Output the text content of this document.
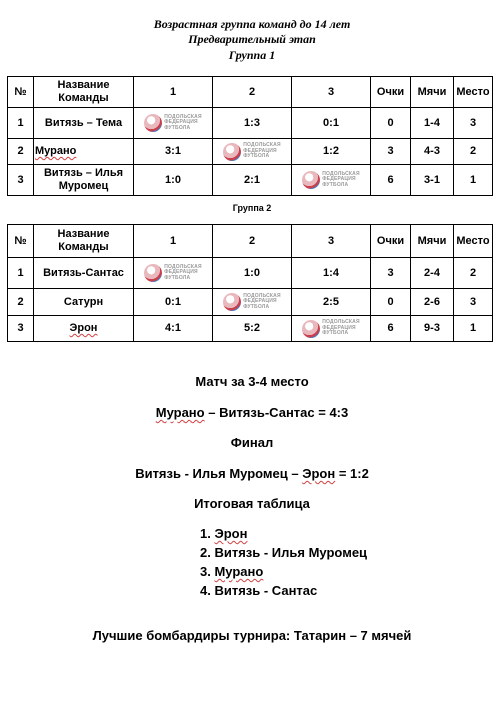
Возрастная группа команд до 14 лет
Предварительный этап
Группа 1
№	Название Команды	1	2	3	Очки	Мячи	Место
1	Витязь – Тема	ПОДОЛЬСКАЯ
ФЕДЕРАЦИЯ
ФУТБОЛА	1:3	0:1	0	1-4	3
2	Мурано	3:1	ПОДОЛЬСКАЯ
ФЕДЕРАЦИЯ
ФУТБОЛА	1:2	3	4-3	2
3	Витязь – Илья Муромец	1:0	2:1	ПОДОЛЬСКАЯ
ФЕДЕРАЦИЯ
ФУТБОЛА	6	3-1	1
Группа 2
№	Название Команды	1	2	3	Очки	Мячи	Место
1	Витязь-Сантас	ПОДОЛЬСКАЯ
ФЕДЕРАЦИЯ
ФУТБОЛА	1:0	1:4	3	2-4	2
2	Сатурн	0:1	ПОДОЛЬСКАЯ
ФЕДЕРАЦИЯ
ФУТБОЛА	2:5	0	2-6	3
3	Эрон	4:1	5:2	ПОДОЛЬСКАЯ
ФЕДЕРАЦИЯ
ФУТБОЛА	6	9-3	1
Матч за 3-4 место
Мурано – Витязь-Сантас = 4:3
Финал
Витязь - Илья Муромец – Эрон = 1:2
Итоговая таблица
1. Эрон
2. Витязь - Илья Муромец
3. Мурано
4. Витязь - Сантас
Лучшие бомбардиры турнира: Татарин – 7 мячей
